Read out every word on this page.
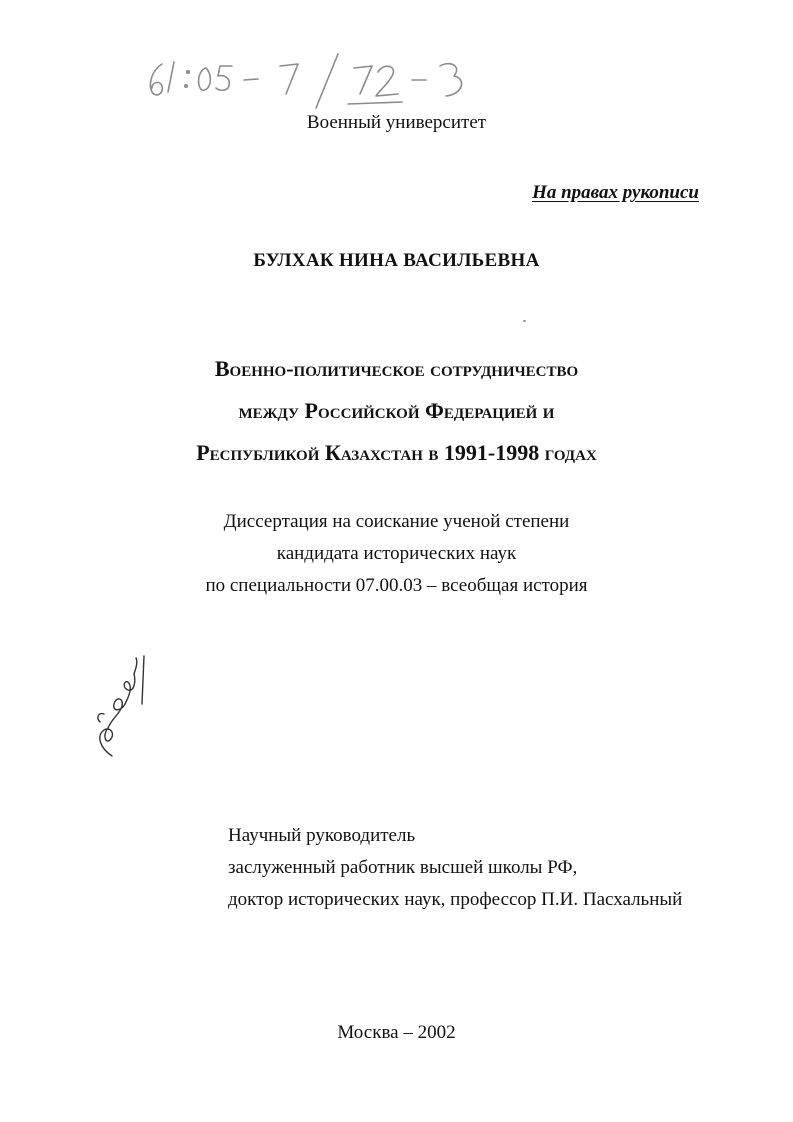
Военный университет
На правах рукописи
БУЛХАК НИНА ВАСИЛЬЕВНА
Военно-политическое сотрудничество
между Российской Федерацией и
Республикой Казахстан в 1991-1998 годах
Диссертация на соискание ученой степени
кандидата исторических наук
по специальности 07.00.03 – всеобщая история
Научный руководитель
заслуженный работник высшей школы РФ,
доктор исторических наук, профессор П.И. Пасхальный
Москва – 2002
